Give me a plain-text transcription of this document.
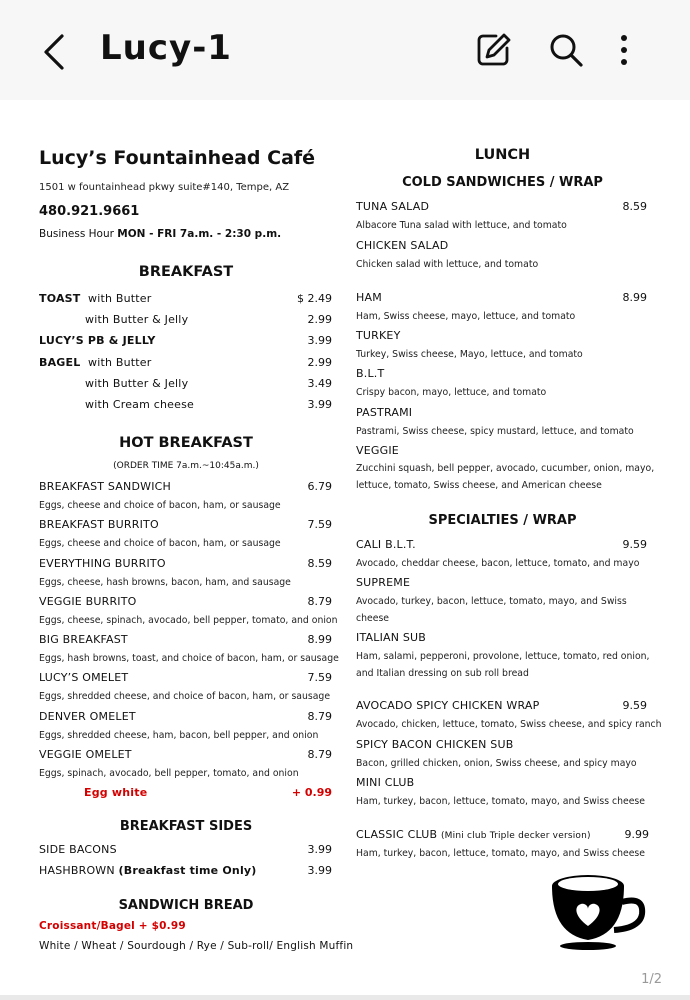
Lucy-1
Lucy’s Fountainhead Café
1501 w fountainhead pkwy suite#140, Tempe, AZ
480.921.9661
Business Hour MON - FRI 7a.m. - 2:30 p.m.
BREAKFAST
TOAST with Butter	$ 2.49
with Butter & Jelly	2.99
LUCY’S PB & JELLY	3.99
BAGEL with Butter	2.99
with Butter & Jelly	3.49
with Cream cheese	3.99
HOT BREAKFAST
(ORDER TIME 7a.m.~10:45a.m.)
BREAKFAST SANDWICH	6.79
Eggs, cheese and choice of bacon, ham, or sausage
BREAKFAST BURRITO	7.59
Eggs, cheese and choice of bacon, ham, or sausage
EVERYTHING BURRITO	8.59
Eggs, cheese, hash browns, bacon, ham, and sausage
VEGGIE BURRITO	8.79
Eggs, cheese, spinach, avocado, bell pepper, tomato, and onion
BIG BREAKFAST	8.99
Eggs, hash browns, toast, and choice of bacon, ham, or sausage
LUCY’S OMELET	7.59
Eggs, shredded cheese, and choice of bacon, ham, or sausage
DENVER OMELET	8.79
Eggs, shredded cheese, ham, bacon, bell pepper, and onion
VEGGIE OMELET	8.79
Eggs, spinach, avocado, bell pepper, tomato, and onion
Egg white	+ 0.99
BREAKFAST SIDES
SIDE BACONS	3.99
HASHBROWN (Breakfast time Only)	3.99
SANDWICH BREAD
Croissant/Bagel + $0.99
White / Wheat / Sourdough / Rye / Sub-roll/ English Muffin
LUNCH
COLD SANDWICHES / WRAP
TUNA SALAD	8.59
Albacore Tuna salad with lettuce, and tomato
CHICKEN SALAD
Chicken salad with lettuce, and tomato
HAM	8.99
Ham, Swiss cheese, mayo, lettuce, and tomato
TURKEY
Turkey, Swiss cheese, Mayo, lettuce, and tomato
B.L.T
Crispy bacon, mayo, lettuce, and tomato
PASTRAMI
Pastrami, Swiss cheese, spicy mustard, lettuce, and tomato
VEGGIE
Zucchini squash, bell pepper, avocado, cucumber, onion, mayo,
lettuce, tomato, Swiss cheese, and American cheese
SPECIALTIES / WRAP
CALI B.L.T.	9.59
Avocado, cheddar cheese, bacon, lettuce, tomato, and mayo
SUPREME
Avocado, turkey, bacon, lettuce, tomato, mayo, and Swiss
cheese
ITALIAN SUB
Ham, salami, pepperoni, provolone, lettuce, tomato, red onion,
and Italian dressing on sub roll bread
AVOCADO SPICY CHICKEN WRAP	9.59
Avocado, chicken, lettuce, tomato, Swiss cheese, and spicy ranch
SPICY BACON CHICKEN SUB
Bacon, grilled chicken, onion, Swiss cheese, and spicy mayo
MINI CLUB
Ham, turkey, bacon, lettuce, tomato, mayo, and Swiss cheese
CLASSIC CLUB (Mini club Triple decker version)	9.99
Ham, turkey, bacon, lettuce, tomato, mayo, and Swiss cheese
1/2
